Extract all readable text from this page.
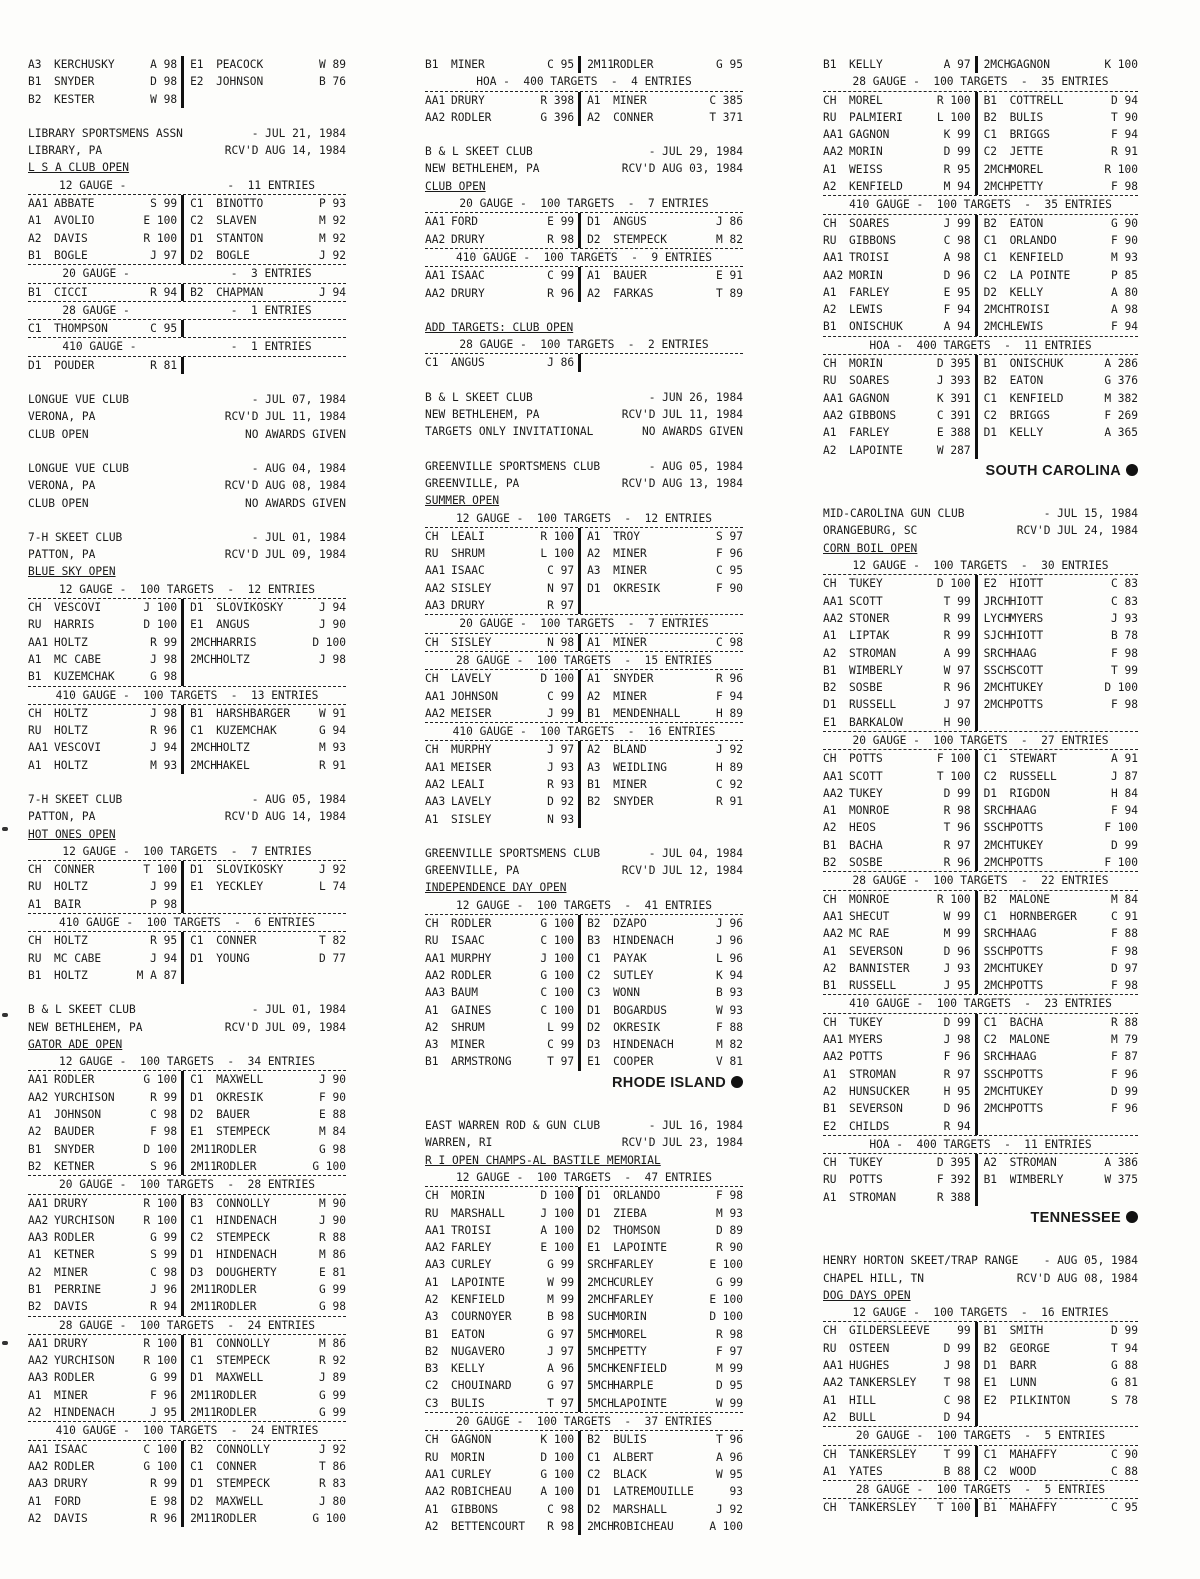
A3	KERCHUSKY	A 98 E1	PEACOCK	W 89
B1	SNYDER	D 98 E2	JOHNSON	B 76
B2	KESTER	W 98
LIBRARY SPORTSMENS ASSN	- JUL 21, 1984
LIBRARY, PA	RCV'D AUG 14, 1984
L S A CLUB OPEN
12 GAUGE -               -  11 ENTRIES
AA1 ABBATE	S 99 C1	BINOTTO	P 93
A1	AVOLIO	E 100 C2	SLAVEN	M 92
A2	DAVIS	R 100 D1	STANTON	M 92
B1	BOGLE	J 97 D2	BOGLE	J 92
20 GAUGE -               -  3 ENTRIES
B1	CICCI	R 94 B2	CHAPMAN	J 94
28 GAUGE -               -  1 ENTRIES
C1	THOMPSON	C 95
410 GAUGE -              -  1 ENTRIES
D1	POUDER	R 81
LONGUE VUE CLUB	- JUL 07, 1984
VERONA, PA	RCV'D JUL 11, 1984
CLUB OPEN	NO AWARDS GIVEN
LONGUE VUE CLUB	- AUG 04, 1984
VERONA, PA	RCV'D AUG 08, 1984
CLUB OPEN	NO AWARDS GIVEN
7-H SKEET CLUB	- JUL 01, 1984
PATTON, PA	RCV'D JUL 09, 1984
BLUE SKY OPEN
12 GAUGE -  100 TARGETS  -  12 ENTRIES
CH	VESCOVI	J 100 D1	SLOVIKOSKY	J 94
RU	HARRIS	D 100 E1	ANGUS	J 90
AA1 HOLTZ	R 99 2MCH HARRIS	D 100
A1	MC CABE	J 98 2MCH HOLTZ	J 98
B1	KUZEMCHAK	G 98
410 GAUGE -  100 TARGETS  -  13 ENTRIES
CH	HOLTZ	J 98 B1	HARSHBARGER	W 91
RU	HOLTZ	R 96 C1	KUZEMCHAK	G 94
AA1 VESCOVI	J 94 2MCH HOLTZ	M 93
A1	HOLTZ	M 93 2MCH HAKEL	R 91
7-H SKEET CLUB	- AUG 05, 1984
PATTON, PA	RCV'D AUG 14, 1984
HOT ONES OPEN
12 GAUGE -  100 TARGETS  -  7 ENTRIES
CH	CONNER	T 100 D1	SLOVIKOSKY	J 92
RU	HOLTZ	J 99 E1	YECKLEY	L 74
A1	BAIR	P 98
410 GAUGE -  100 TARGETS  -  6 ENTRIES
CH	HOLTZ	R 95 C1	CONNER	T 82
RU	MC CABE	J 94 D1	YOUNG	D 77
B1	HOLTZ	M A 87
B & L SKEET CLUB	- JUL 01, 1984
NEW BETHLEHEM, PA	RCV'D JUL 09, 1984
GATOR ADE OPEN
12 GAUGE -  100 TARGETS  -  34 ENTRIES
AA1 RODLER	G 100 C1	MAXWELL	J 90
AA2 YURCHISON	R 99 D1	OKRESIK	F 90
A1	JOHNSON	C 98 D2	BAUER	E 88
A2	BAUDER	F 98 E1	STEMPECK	M 84
B1	SNYDER	D 100 2M11 RODLER	G 98
B2	KETNER	S 96 2M11 RODLER	G 100
20 GAUGE -  100 TARGETS  -  28 ENTRIES
AA1 DRURY	R 100 B3	CONNOLLY	M 90
AA2 YURCHISON	R 100 C1	HINDENACH	J 90
AA3 RODLER	G 99 C2	STEMPECK	R 88
A1	KETNER	S 99 D1	HINDENACH	M 86
A2	MINER	C 98 D3	DOUGHERTY	E 81
B1	PERRINE	J 96 2M11 RODLER	G 99
B2	DAVIS	R 94 2M11 RODLER	G 98
28 GAUGE -  100 TARGETS  -  24 ENTRIES
AA1 DRURY	R 100 B1	CONNOLLY	M 86
AA2 YURCHISON	R 100 C1	STEMPECK	R 92
AA3 RODLER	G 99 D1	MAXWELL	J 89
A1	MINER	F 96 2M11 RODLER	G 99
A2	HINDENACH	J 95 2M11 RODLER	G 99
410 GAUGE -  100 TARGETS  -  24 ENTRIES
AA1 ISAAC	C 100 B2	CONNOLLY	J 92
AA2 RODLER	G 100 C1	CONNER	T 86
AA3 DRURY	R 99 D1	STEMPECK	R 83
A1	FORD	E 98 D2	MAXWELL	J 80
A2	DAVIS	R 96 2M11 RODLER	G 100
B1	MINER	C 95 2M11 RODLER	G 95
HOA -  400 TARGETS  -  4 ENTRIES
AA1 DRURY	R 398 A1	MINER	C 385
AA2 RODLER	G 396 A2	CONNER	T 371
B & L SKEET CLUB	- JUL 29, 1984
NEW BETHLEHEM, PA	RCV'D AUG 03, 1984
CLUB OPEN
20 GAUGE -  100 TARGETS  -  7 ENTRIES
AA1 FORD	E 99 D1	ANGUS	J 86
AA2 DRURY	R 98 D2	STEMPECK	M 82
410 GAUGE -  100 TARGETS  -  9 ENTRIES
AA1 ISAAC	C 99 A1	BAUER	E 91
AA2 DRURY	R 96 A2	FARKAS	T 89
ADD TARGETS: CLUB OPEN
28 GAUGE -  100 TARGETS  -  2 ENTRIES
C1	ANGUS	J 86
B & L SKEET CLUB	- JUN 26, 1984
NEW BETHLEHEM, PA	RCV'D JUL 11, 1984
TARGETS ONLY INVITATIONAL	NO AWARDS GIVEN
GREENVILLE SPORTSMENS CLUB	- AUG 05, 1984
GREENVILLE, PA	RCV'D AUG 13, 1984
SUMMER OPEN
12 GAUGE -  100 TARGETS  -  12 ENTRIES
CH	LEALI	R 100 A1	TROY	S 97
RU	SHRUM	L 100 A2	MINER	F 96
AA1 ISAAC	C 97 A3	MINER	C 95
AA2 SISLEY	N 97 D1	OKRESIK	F 90
AA3 DRURY	R 97
20 GAUGE -  100 TARGETS  -  7 ENTRIES
CH	SISLEY	N 98 A1	MINER	C 98
28 GAUGE -  100 TARGETS  -  15 ENTRIES
CH	LAVELY	D 100 A1	SNYDER	R 96
AA1 JOHNSON	C 99 A2	MINER	F 94
AA2 MEISER	J 99 B1	MENDENHALL	H 89
410 GAUGE -  100 TARGETS  -  16 ENTRIES
CH	MURPHY	J 97 A2	BLAND	J 92
AA1 MEISER	J 93 A3	WEIDLING	H 89
AA2 LEALI	R 93 B1	MINER	C 92
AA3 LAVELY	D 92 B2	SNYDER	R 91
A1	SISLEY	N 93
GREENVILLE SPORTSMENS CLUB	- JUL 04, 1984
GREENVILLE, PA	RCV'D JUL 12, 1984
INDEPENDENCE DAY OPEN
12 GAUGE -  100 TARGETS  -  41 ENTRIES
CH	RODLER	G 100 B2	DZAPO	J 96
RU	ISAAC	C 100 B3	HINDENACH	J 96
AA1 MURPHY	J 100 C1	PAYAK	L 96
AA2 RODLER	G 100 C2	SUTLEY	K 94
AA3 BAUM	C 100 C3	WONN	B 93
A1	GAINES	C 100 D1	BOGARDUS	W 93
A2	SHRUM	L 99 D2	OKRESIK	F 88
A3	MINER	C 99 D3	HINDENACH	M 82
B1	ARMSTRONG	T 97 E1	COOPER	V 81
RHODE ISLAND
EAST WARREN ROD & GUN CLUB	- JUL 16, 1984
WARREN, RI	RCV'D JUL 23, 1984
R I OPEN CHAMPS-AL BASTILE MEMORIAL
12 GAUGE -  100 TARGETS  -  47 ENTRIES
CH	MORIN	D 100 D1	ORLANDO	F 98
RU	MARSHALL	J 100 D1	ZIEBA	M 93
AA1 TROISI	A 100 D2	THOMSON	D 89
AA2 FARLEY	E 100 E1	LAPOINTE	R 90
AA3 CURLEY	G 99 SRCH FARLEY	E 100
A1	LAPOINTE	W 99 2MCH CURLEY	G 99
A2	KENFIELD	M 99 2MCH FARLEY	E 100
A3	COURNOYER	B 98 SUCH MORIN	D 100
B1	EATON	G 97 5MCH MOREL	R 98
B2	NUGAVERO	J 97 5MCH PETTY	F 97
B3	KELLY	A 96 5MCH KENFIELD	M 99
C2	CHOUINARD	G 97 5MCH HARPLE	D 95
C3	BULIS	T 97 5MCH LAPOINTE	W 99
20 GAUGE -  100 TARGETS  -  37 ENTRIES
CH	GAGNON	K 100 B2	BULIS	T 96
RU	MORIN	D 100 C1	ALBERT	A 96
AA1 CURLEY	G 100 C2	BLACK	W 95
AA2 ROBICHEAU	A 100 D1	LATREMOUILLE	93
A1	GIBBONS	C 98 D2	MARSHALL	J 92
A2	BETTENCOURT	R 98 2MCH ROBICHEAU	A 100
B1	KELLY	A 97 2MCH GAGNON	K 100
28 GAUGE -  100 TARGETS  -  35 ENTRIES
CH	MOREL	R 100 B1	COTTRELL	D 94
RU	PALMIERI	L 100 B2	BULIS	T 90
AA1 GAGNON	K 99 C1	BRIGGS	F 94
AA2 MORIN	D 99 C2	JETTE	R 91
A1	WEISS	R 95 2MCH MOREL	R 100
A2	KENFIELD	M 94 2MCH PETTY	F 98
410 GAUGE -  100 TARGETS  -  35 ENTRIES
CH	SOARES	J 99 B2	EATON	G 90
RU	GIBBONS	C 98 C1	ORLANDO	F 90
AA1 TROISI	A 98 C1	KENFIELD	M 93
AA2 MORIN	D 96 C2	LA POINTE	P 85
A1	FARLEY	E 95 D2	KELLY	A 80
A2	LEWIS	F 94 2MCH TROISI	A 98
B1	ONISCHUK	A 94 2MCH LEWIS	F 94
HOA -  400 TARGETS  -  11 ENTRIES
CH	MORIN	D 395 B1	ONISCHUK	A 286
RU	SOARES	J 393 B2	EATON	G 376
AA1 GAGNON	K 391 C1	KENFIELD	M 382
AA2 GIBBONS	C 391 C2	BRIGGS	F 269
A1	FARLEY	E 388 D1	KELLY	A 365
A2	LAPOINTE	W 287
SOUTH CAROLINA
MID-CAROLINA GUN CLUB	- JUL 15, 1984
ORANGEBURG, SC	RCV'D JUL 24, 1984
CORN BOIL OPEN
12 GAUGE -  100 TARGETS  -  30 ENTRIES
CH	TUKEY	D 100 E2	HIOTT	C 83
AA1 SCOTT	T 99 JRCH HIOTT	C 83
AA2 STONER	R 99 LYCH MYERS	J 93
A1	LIPTAK	R 99 SJCH HIOTT	B 78
A2	STROMAN	A 99 SRCH HAAG	F 98
B1	WIMBERLY	W 97 SSCH SCOTT	T 99
B2	SOSBE	R 96 2MCH TUKEY	D 100
D1	RUSSELL	J 97 2MCH POTTS	F 98
E1	BARKALOW	H 90
20 GAUGE -  100 TARGETS  -  27 ENTRIES
CH	POTTS	F 100 C1	STEWART	A 91
AA1 SCOTT	T 100 C2	RUSSELL	J 87
AA2 TUKEY	D 99 D1	RIGDON	H 84
A1	MONROE	R 98 SRCH HAAG	F 94
A2	HEOS	T 96 SSCH POTTS	F 100
B1	BACHA	R 97 2MCH TUKEY	D 99
B2	SOSBE	R 96 2MCH POTTS	F 100
28 GAUGE -  100 TARGETS  -  22 ENTRIES
CH	MONROE	R 100 B2	MALONE	M 84
AA1 SHECUT	W 99 C1	HORNBERGER	C 91
AA2 MC RAE	M 99 SRCH HAAG	F 88
A1	SEVERSON	D 96 SSCH POTTS	F 98
A2	BANNISTER	J 93 2MCH TUKEY	D 97
B1	RUSSELL	J 95 2MCH POTTS	F 98
410 GAUGE -  100 TARGETS  -  23 ENTRIES
CH	TUKEY	D 99 C1	BACHA	R 88
AA1 MYERS	J 98 C2	MALONE	M 79
AA2 POTTS	F 96 SRCH HAAG	F 87
A1	STROMAN	R 97 SSCH POTTS	F 96
A2	HUNSUCKER	H 95 2MCH TUKEY	D 99
B1	SEVERSON	D 96 2MCH POTTS	F 96
E2	CHILDS	R 94
HOA -  400 TARGETS  -  11 ENTRIES
CH	TUKEY	D 395 A2	STROMAN	A 386
RU	POTTS	F 392 B1	WIMBERLY	W 375
A1	STROMAN	R 388
TENNESSEE
HENRY HORTON SKEET/TRAP RANGE - AUG 05, 1984
CHAPEL HILL, TN	RCV'D AUG 08, 1984
DOG DAYS OPEN
12 GAUGE -  100 TARGETS  -  16 ENTRIES
CH	GILDERSLEEVE	99 B1	SMITH	D 99
RU	OSTEEN	D 99 B2	GEORGE	T 94
AA1 HUGHES	J 98 D1	BARR	G 88
AA2 TANKERSLEY	T 98 E1	LUNN	G 81
A1	HILL	C 98 E2	PILKINTON	S 78
A2	BULL	D 94
20 GAUGE -  100 TARGETS  -  5 ENTRIES
CH	TANKERSLEY	T 99 C1	MAHAFFY	C 90
A1	YATES	B 88 C2	WOOD	C 88
28 GAUGE -  100 TARGETS  -  5 ENTRIES
CH	TANKERSLEY	T 100 B1	MAHAFFY	C 95
